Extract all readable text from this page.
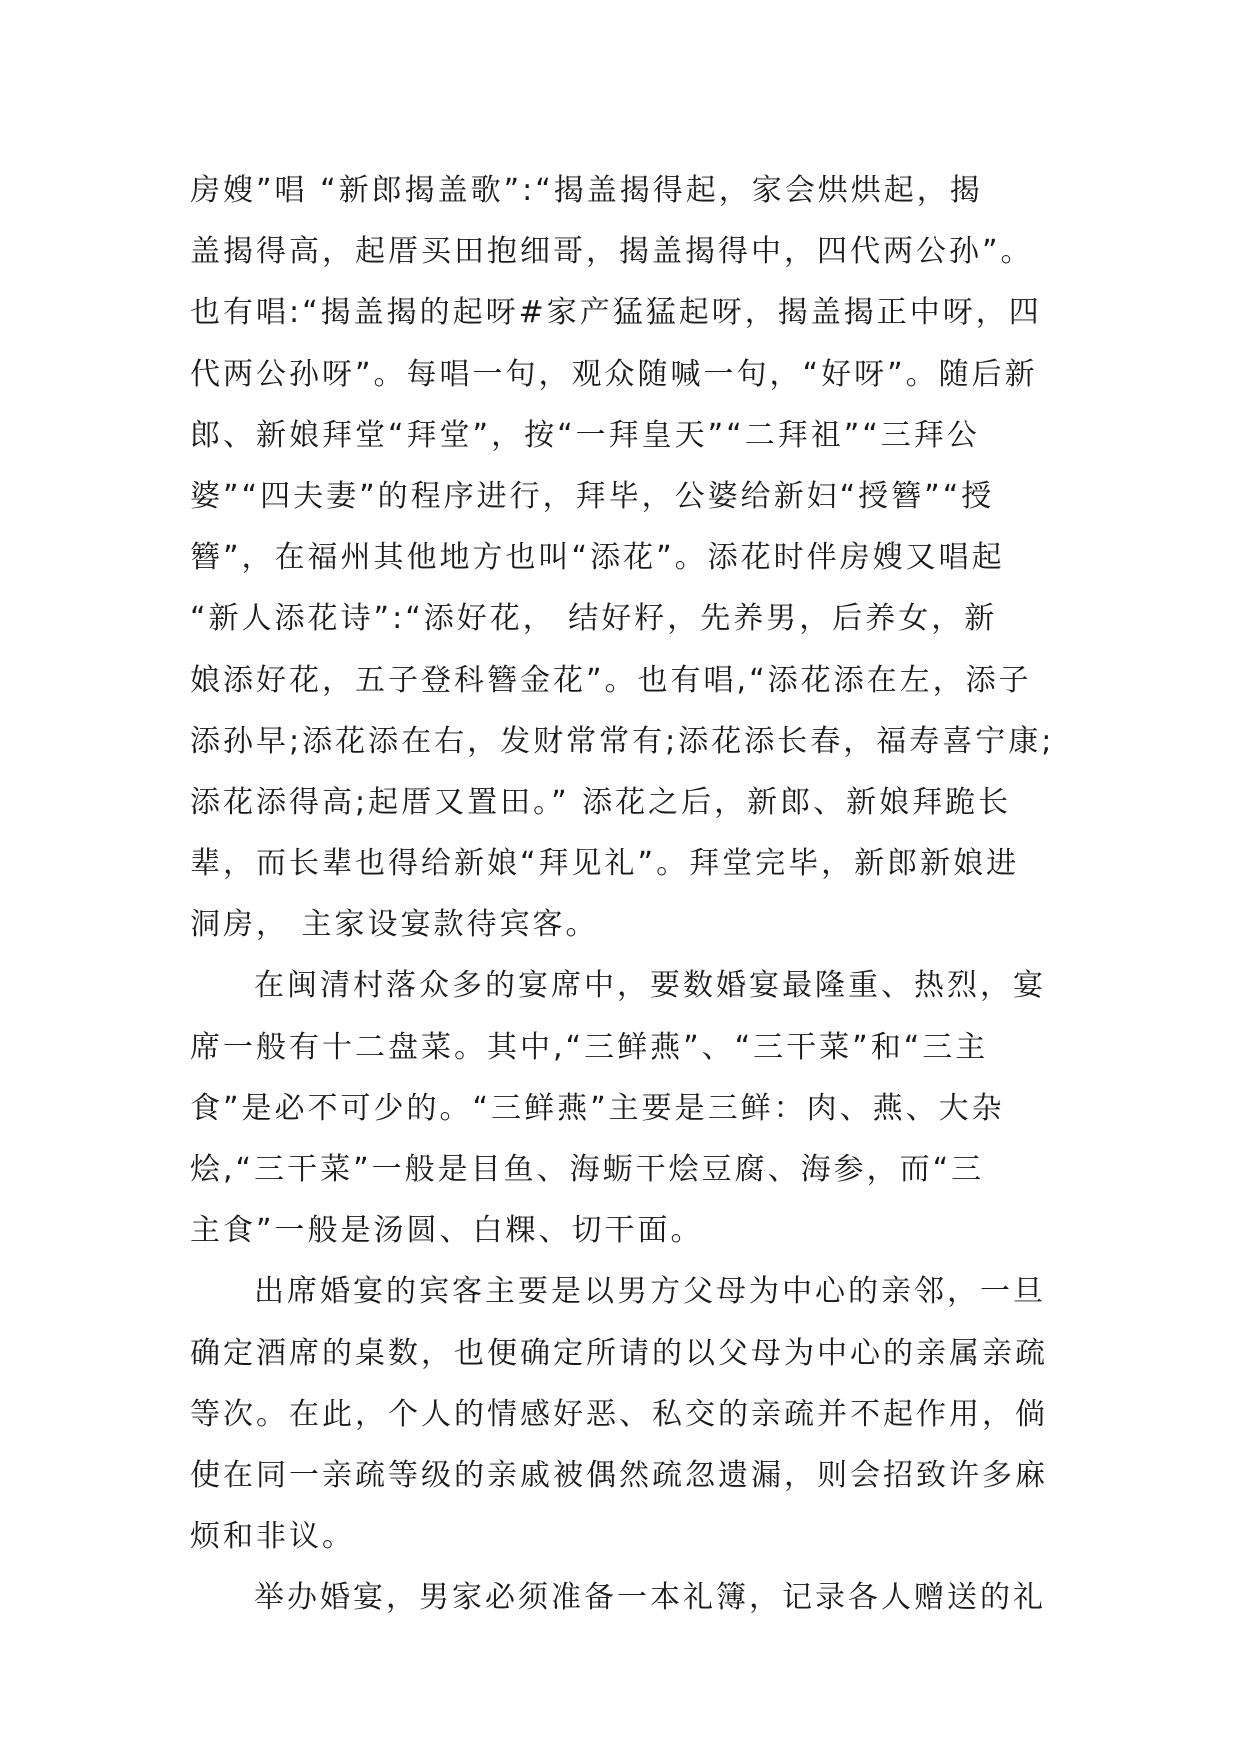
房嫂”唱 “新郎揭盖歌”:“揭盖揭得起，家会烘烘起，揭
盖揭得高，起厝买田抱细哥，揭盖揭得中，四代两公孙”。
也有唱:“揭盖揭的起呀#家产猛猛起呀，揭盖揭正中呀，四
代两公孙呀”。每唱一句，观众随喊一句，“好呀”。随后新
郎、新娘拜堂“拜堂”，按“一拜皇天”“二拜祖”“三拜公
婆”“四夫妻”的程序进行，拜毕，公婆给新妇“授簪”“授
簪”，在福州其他地方也叫“添花”。添花时伴房嫂又唱起
“新人添花诗”:“添好花， 结好籽，先养男，后养女，新
娘添好花，五子登科簪金花”。也有唱,“添花添在左，添子
添孙早;添花添在右，发财常常有;添花添长春，福寿喜宁康;
添花添得高;起厝又置田。” 添花之后，新郎、新娘拜跪长
辈，而长辈也得给新娘“拜见礼”。拜堂完毕，新郎新娘进
洞房， 主家设宴款待宾客。
在闽清村落众多的宴席中，要数婚宴最隆重、热烈，宴
席一般有十二盘菜。其中,“三鲜燕”、“三干菜”和“三主
食”是必不可少的。“三鲜燕”主要是三鲜：肉、燕、大杂
烩,“三干菜”一般是目鱼、海蛎干烩豆腐、海参，而“三
主食”一般是汤圆、白粿、切干面。
出席婚宴的宾客主要是以男方父母为中心的亲邻，一旦
确定酒席的桌数，也便确定所请的以父母为中心的亲属亲疏
等次。在此，个人的情感好恶、私交的亲疏并不起作用，倘
使在同一亲疏等级的亲戚被偶然疏忽遗漏，则会招致许多麻
烦和非议。
举办婚宴，男家必须准备一本礼簿，记录各人赠送的礼
